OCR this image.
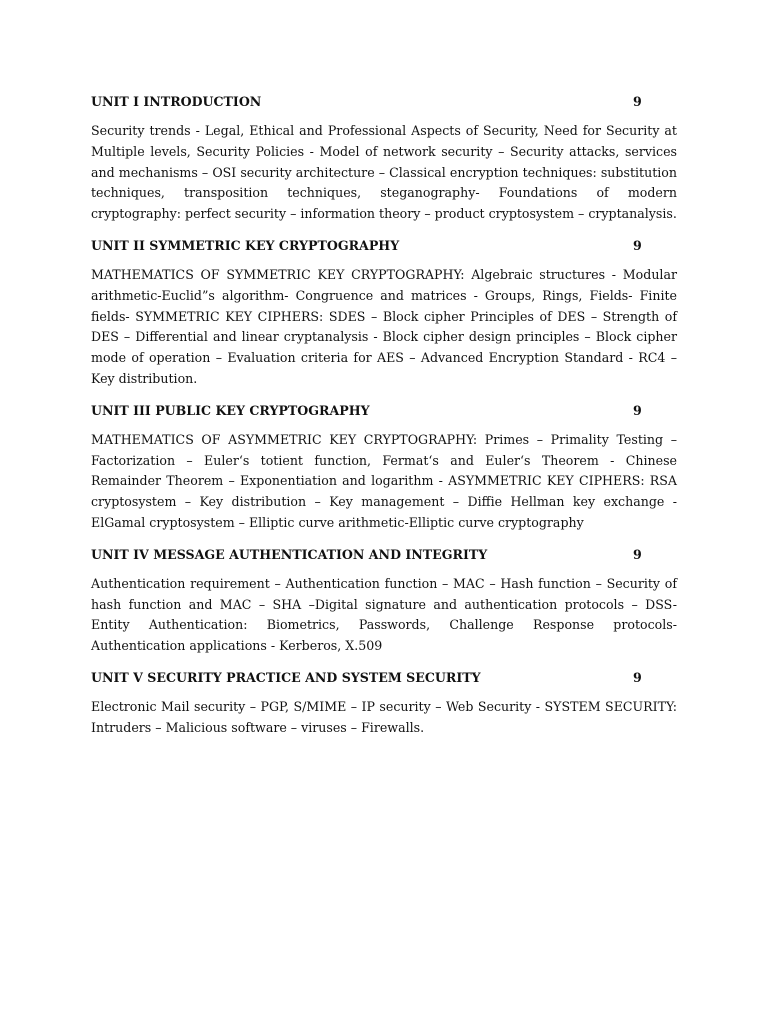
UNIT I INTRODUCTION	9

Security trends - Legal, Ethical and Professional Aspects of Security, Need for Security at Multiple levels, Security Policies - Model of network security – Security attacks, services and mechanisms – OSI security architecture – Classical encryption techniques: substitution techniques, transposition techniques, steganography- Foundations of modern cryptography: perfect security – information theory – product cryptosystem – cryptanalysis.

UNIT II SYMMETRIC KEY CRYPTOGRAPHY	9

MATHEMATICS OF SYMMETRIC KEY CRYPTOGRAPHY: Algebraic structures - Modular arithmetic-Euclid”s algorithm- Congruence and matrices - Groups, Rings, Fields- Finite fields- SYMMETRIC KEY CIPHERS: SDES – Block cipher Principles of DES – Strength of DES – Differential and linear cryptanalysis - Block cipher design principles – Block cipher mode of operation – Evaluation criteria for AES – Advanced Encryption Standard - RC4 – Key distribution.

UNIT III PUBLIC KEY CRYPTOGRAPHY	9

MATHEMATICS OF ASYMMETRIC KEY CRYPTOGRAPHY: Primes – Primality Testing – Factorization – Euler‘s totient function, Fermat‘s and Euler‘s Theorem - Chinese Remainder Theorem – Exponentiation and logarithm - ASYMMETRIC KEY CIPHERS: RSA cryptosystem – Key distribution – Key management – Diffie Hellman key exchange - ElGamal cryptosystem – Elliptic curve arithmetic-Elliptic curve cryptography

UNIT IV MESSAGE AUTHENTICATION AND INTEGRITY	9

Authentication requirement – Authentication function – MAC – Hash function – Security of hash function and MAC – SHA –Digital signature and authentication protocols – DSS- Entity Authentication: Biometrics, Passwords, Challenge Response protocols- Authentication applications - Kerberos, X.509

UNIT V SECURITY PRACTICE AND SYSTEM SECURITY	9

Electronic Mail security – PGP, S/MIME – IP security – Web Security - SYSTEM SECURITY: Intruders – Malicious software – viruses – Firewalls.
